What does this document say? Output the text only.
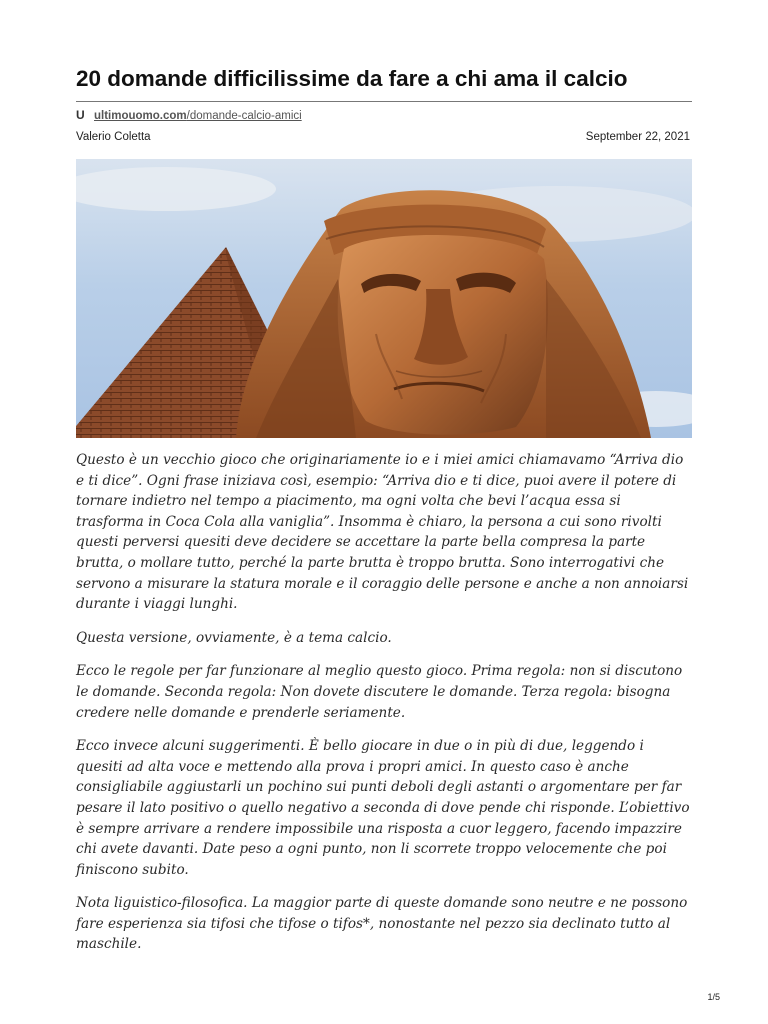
20 domande difficilissime da fare a chi ama il calcio
U ultimouomo.com/domande-calcio-amici
Valerio Coletta	September 22, 2021

Questo è un vecchio gioco che originariamente io e i miei amici chiamavamo “Arriva dio e ti dice”. Ogni frase iniziava così, esempio: “Arriva dio e ti dice, puoi avere il potere di tornare indietro nel tempo a piacimento, ma ogni volta che bevi l’acqua essa si trasforma in Coca Cola alla vaniglia”. Insomma è chiaro, la persona a cui sono rivolti questi perversi quesiti deve decidere se accettare la parte bella compresa la parte brutta, o mollare tutto, perché la parte brutta è troppo brutta. Sono interrogativi che servono a misurare la statura morale e il coraggio delle persone e anche a non annoiarsi durante i viaggi lunghi.

Questa versione, ovviamente, è a tema calcio.

Ecco le regole per far funzionare al meglio questo gioco. Prima regola: non si discutono le domande. Seconda regola: Non dovete discutere le domande. Terza regola: bisogna credere nelle domande e prenderle seriamente.

Ecco invece alcuni suggerimenti. È bello giocare in due o in più di due, leggendo i quesiti ad alta voce e mettendo alla prova i propri amici. In questo caso è anche consigliabile aggiustarli un pochino sui punti deboli degli astanti o argomentare per far pesare il lato positivo o quello negativo a seconda di dove pende chi risponde. L’obiettivo è sempre arrivare a rendere impossibile una risposta a cuor leggero, facendo impazzire chi avete davanti. Date peso a ogni punto, non li scorrete troppo velocemente che poi finiscono subito.

Nota liguistico-filosofica. La maggior parte di queste domande sono neutre e ne possono fare esperienza sia tifosi che tifose o tifos*, nonostante nel pezzo sia declinato tutto al maschile.

1/5
